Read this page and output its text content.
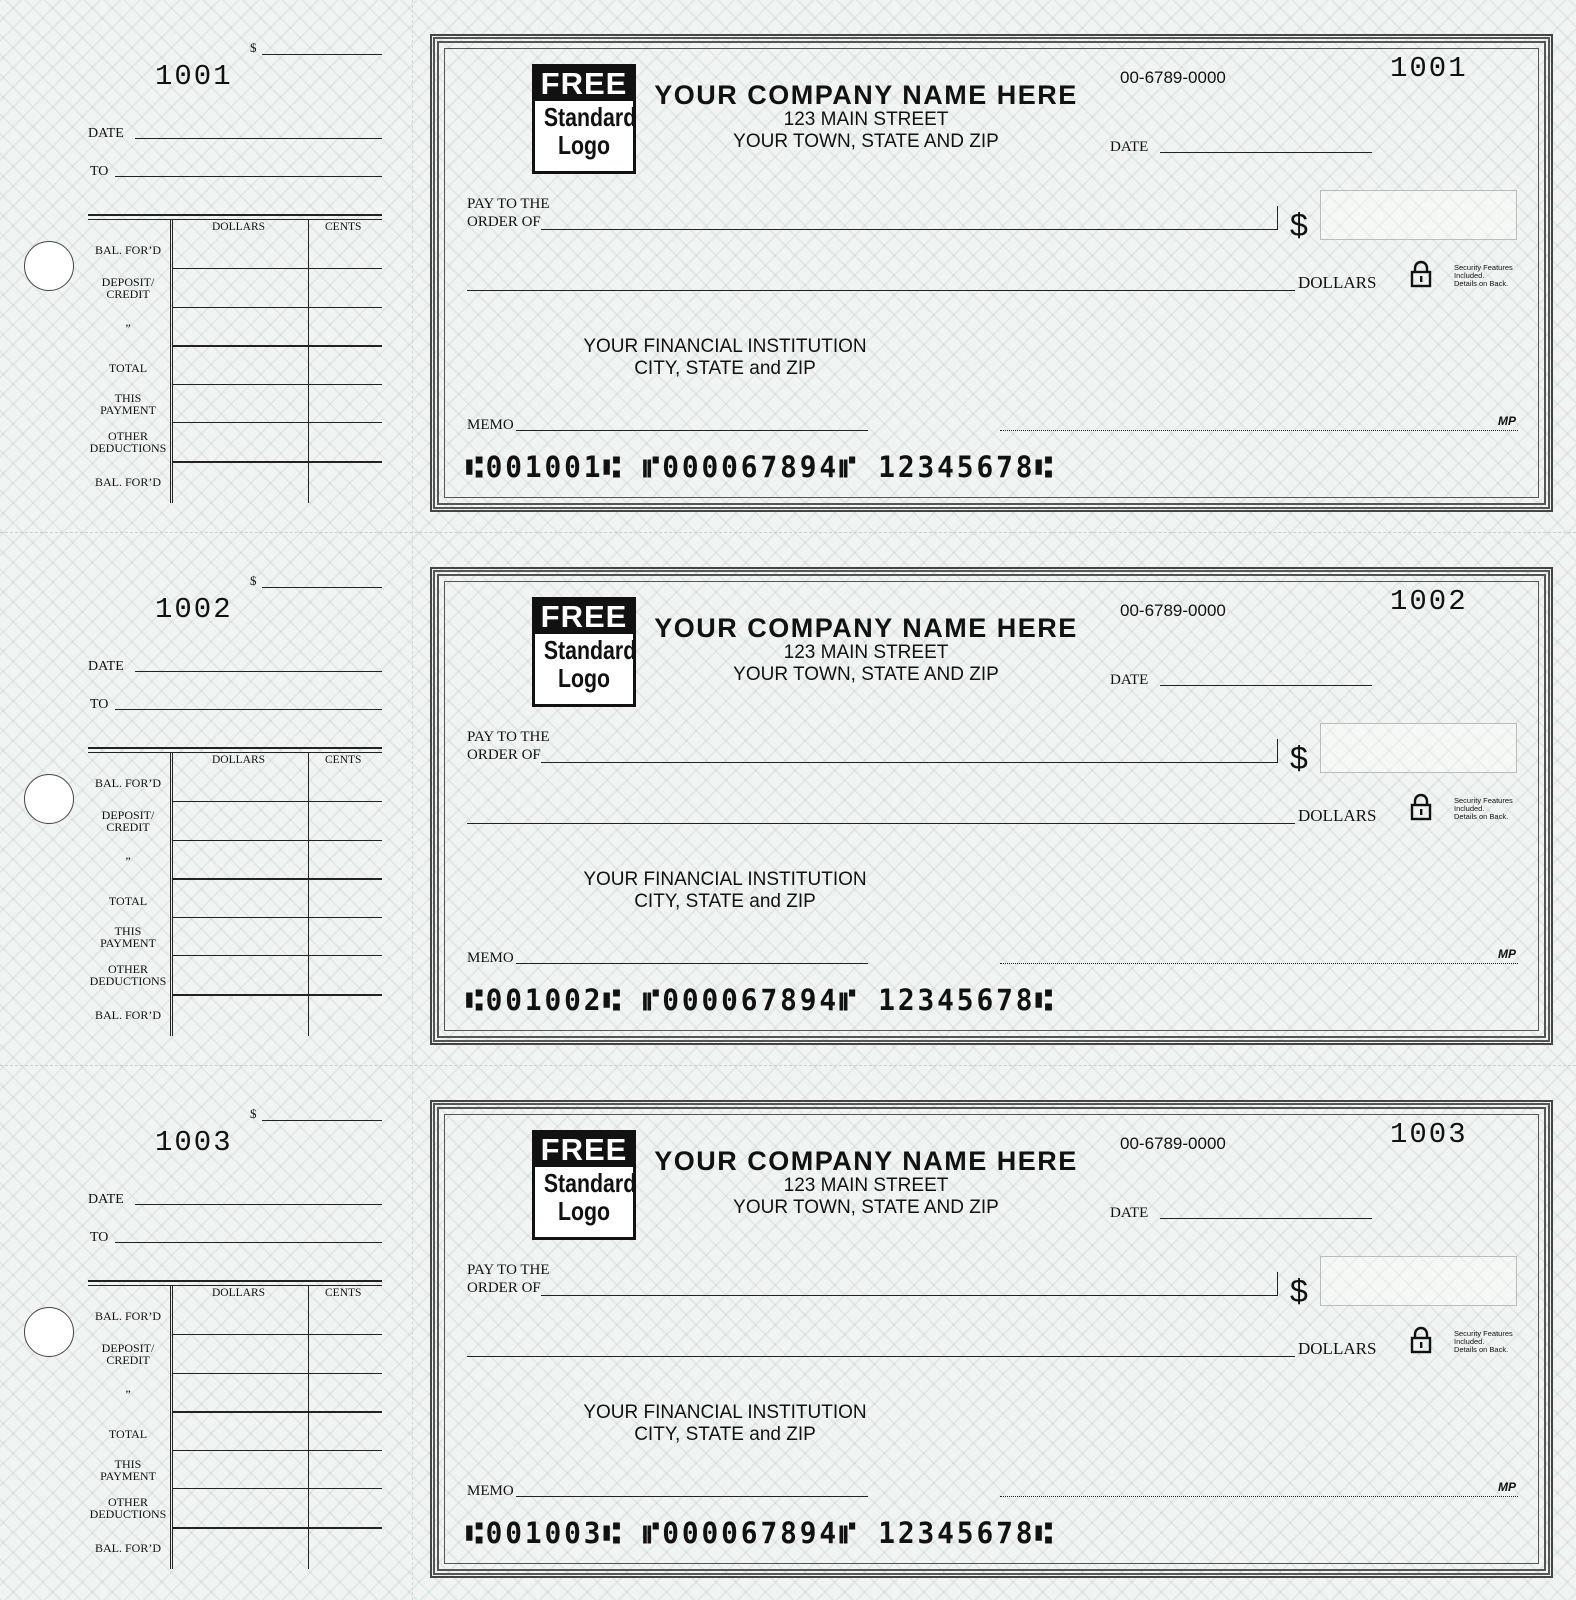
$
1001
DATE
TO
DOLLARS	CENTS
BAL. FOR’D
DEPOSIT/
CREDIT
”
TOTAL
THIS
PAYMENT
OTHER
DEDUCTIONS
BAL. FOR’D
FREE
Standard
Logo
YOUR COMPANY NAME HERE
123 MAIN STREET
YOUR TOWN, STATE AND ZIP
00-6789-0000	1001
DATE
PAY TO THE
ORDER OF	$
DOLLARS
Security Features
Included.
Details on Back.
YOUR FINANCIAL INSTITUTION
CITY, STATE and ZIP
MEMO	MP
⑆001001⑆ ⑈000067894⑈ 12345678⑆
$
1002
DATE
TO
DOLLARS	CENTS
BAL. FOR’D
DEPOSIT/
CREDIT
”
TOTAL
THIS
PAYMENT
OTHER
DEDUCTIONS
BAL. FOR’D
FREE
Standard
Logo
YOUR COMPANY NAME HERE
123 MAIN STREET
YOUR TOWN, STATE AND ZIP
00-6789-0000	1002
DATE
PAY TO THE
ORDER OF	$
DOLLARS
Security Features
Included.
Details on Back.
YOUR FINANCIAL INSTITUTION
CITY, STATE and ZIP
MEMO	MP
⑆001002⑆ ⑈000067894⑈ 12345678⑆
$
1003
DATE
TO
DOLLARS	CENTS
BAL. FOR’D
DEPOSIT/
CREDIT
”
TOTAL
THIS
PAYMENT
OTHER
DEDUCTIONS
BAL. FOR’D
FREE
Standard
Logo
YOUR COMPANY NAME HERE
123 MAIN STREET
YOUR TOWN, STATE AND ZIP
00-6789-0000	1003
DATE
PAY TO THE
ORDER OF	$
DOLLARS
Security Features
Included.
Details on Back.
YOUR FINANCIAL INSTITUTION
CITY, STATE and ZIP
MEMO	MP
⑆001003⑆ ⑈000067894⑈ 12345678⑆
